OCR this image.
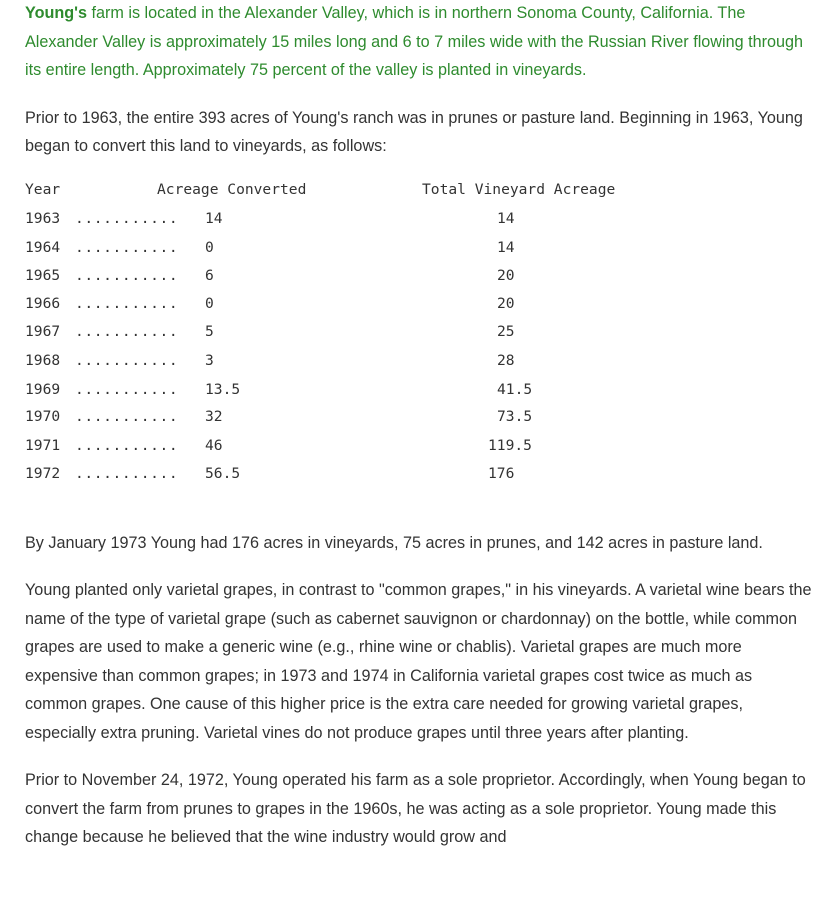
Young's farm is located in the Alexander Valley, which is in northern Sonoma County, California. The Alexander Valley is approximately 15 miles long and 6 to 7 miles wide with the Russian River flowing through its entire length. Approximately 75 percent of the valley is planted in vineyards.

Prior to 1963, the entire 393 acres of Young's ranch was in prunes or pasture land. Beginning in 1963, Young began to convert this land to vineyards, as follows:

Year	Acreage Converted	Total Vineyard Acreage
1963 ........... 14	14
1964 ........... 0	14
1965 ........... 6	20
1966 ........... 0	20
1967 ........... 5	25
1968 ........... 3	28
1969 ........... 13.5	41.5
1970 ........... 32	73.5
1971 ........... 46	119.5
1972 ........... 56.5	176

By January 1973 Young had 176 acres in vineyards, 75 acres in prunes, and 142 acres in pasture land.

Young planted only varietal grapes, in contrast to "common grapes," in his vineyards. A varietal wine bears the name of the type of varietal grape (such as cabernet sauvignon or chardonnay) on the bottle, while common grapes are used to make a generic wine (e.g., rhine wine or chablis). Varietal grapes are much more expensive than common grapes; in 1973 and 1974 in California varietal grapes cost twice as much as common grapes. One cause of this higher price is the extra care needed for growing varietal grapes, especially extra pruning. Varietal vines do not produce grapes until three years after planting.

Prior to November 24, 1972, Young operated his farm as a sole proprietor. Accordingly, when Young began to convert the farm from prunes to grapes in the 1960s, he was acting as a sole proprietor. Young made this change because he believed that the wine industry would grow and
